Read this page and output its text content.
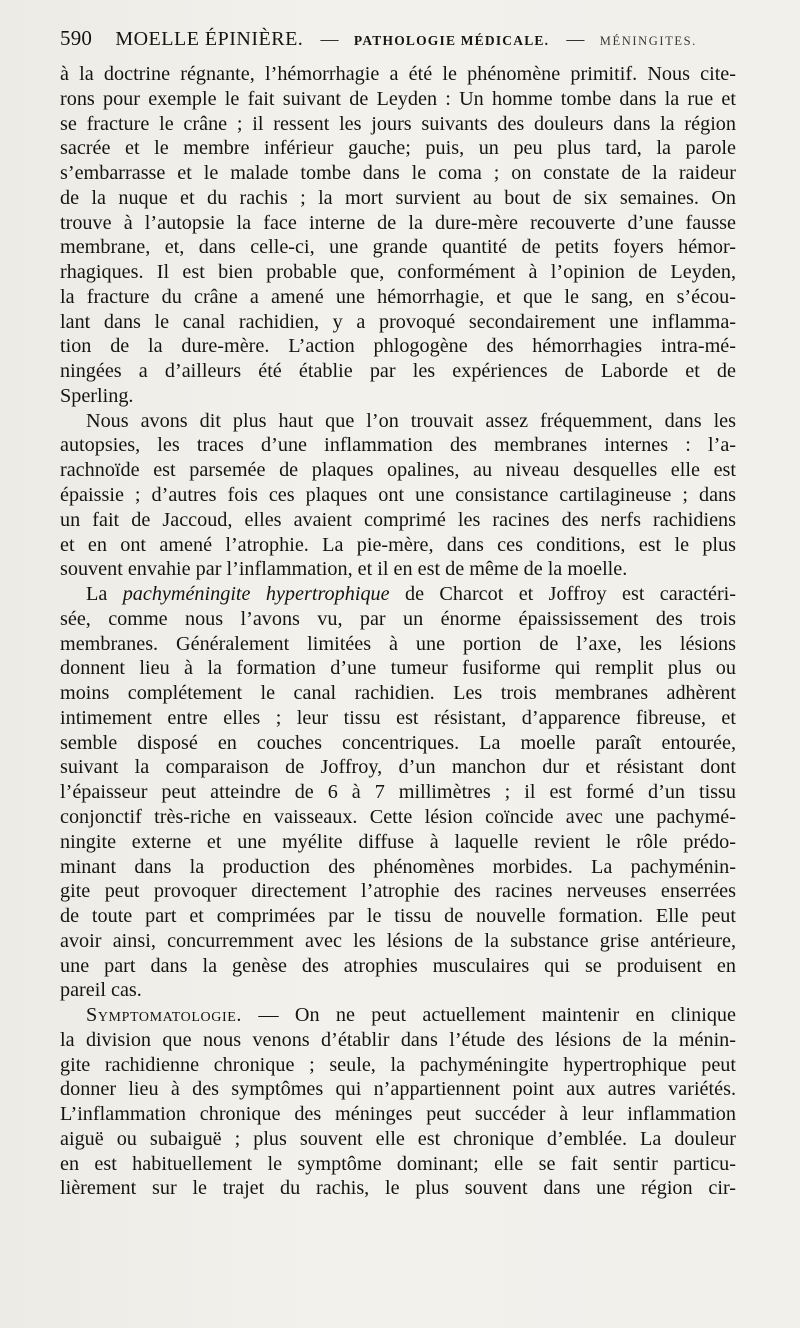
590 MOELLE ÉPINIÈRE. — PATHOLOGIE MÉDICALE. — MÉNINGITES.
à la doctrine régnante, l’hémorrhagie a été le phénomène primitif. Nous cite-
rons pour exemple le fait suivant de Leyden : Un homme tombe dans la rue et
se fracture le crâne ; il ressent les jours suivants des douleurs dans la région
sacrée et le membre inférieur gauche; puis, un peu plus tard, la parole
s’embarrasse et le malade tombe dans le coma ; on constate de la raideur
de la nuque et du rachis ; la mort survient au bout de six semaines. On
trouve à l’autopsie la face interne de la dure-mère recouverte d’une fausse
membrane, et, dans celle-ci, une grande quantité de petits foyers hémor-
rhagiques. Il est bien probable que, conformément à l’opinion de Leyden,
la fracture du crâne a amené une hémorrhagie, et que le sang, en s’écou-
lant dans le canal rachidien, y a provoqué secondairement une inflamma-
tion de la dure-mère. L’action phlogogène des hémorrhagies intra-mé-
ningées a d’ailleurs été établie par les expériences de Laborde et de
Sperling.
Nous avons dit plus haut que l’on trouvait assez fréquemment, dans les
autopsies, les traces d’une inflammation des membranes internes : l’a-
rachnoïde est parsemée de plaques opalines, au niveau desquelles elle est
épaissie ; d’autres fois ces plaques ont une consistance cartilagineuse ; dans
un fait de Jaccoud, elles avaient comprimé les racines des nerfs rachidiens
et en ont amené l’atrophie. La pie-mère, dans ces conditions, est le plus
souvent envahie par l’inflammation, et il en est de même de la moelle.
La pachyméningite hypertrophique de Charcot et Joffroy est caractéri-
sée, comme nous l’avons vu, par un énorme épaississement des trois
membranes. Généralement limitées à une portion de l’axe, les lésions
donnent lieu à la formation d’une tumeur fusiforme qui remplit plus ou
moins complétement le canal rachidien. Les trois membranes adhèrent
intimement entre elles ; leur tissu est résistant, d’apparence fibreuse, et
semble disposé en couches concentriques. La moelle paraît entourée,
suivant la comparaison de Joffroy, d’un manchon dur et résistant dont
l’épaisseur peut atteindre de 6 à 7 millimètres ; il est formé d’un tissu
conjonctif très-riche en vaisseaux. Cette lésion coïncide avec une pachymé-
ningite externe et une myélite diffuse à laquelle revient le rôle prédo-
minant dans la production des phénomènes morbides. La pachyménin-
gite peut provoquer directement l’atrophie des racines nerveuses enserrées
de toute part et comprimées par le tissu de nouvelle formation. Elle peut
avoir ainsi, concurremment avec les lésions de la substance grise antérieure,
une part dans la genèse des atrophies musculaires qui se produisent en
pareil cas.
Symptomatologie. — On ne peut actuellement maintenir en clinique
la division que nous venons d’établir dans l’étude des lésions de la ménin-
gite rachidienne chronique ; seule, la pachyméningite hypertrophique peut
donner lieu à des symptômes qui n’appartiennent point aux autres variétés.
L’inflammation chronique des méninges peut succéder à leur inflammation
aiguë ou subaiguë ; plus souvent elle est chronique d’emblée. La douleur
en est habituellement le symptôme dominant; elle se fait sentir particu-
lièrement sur le trajet du rachis, le plus souvent dans une région cir-
